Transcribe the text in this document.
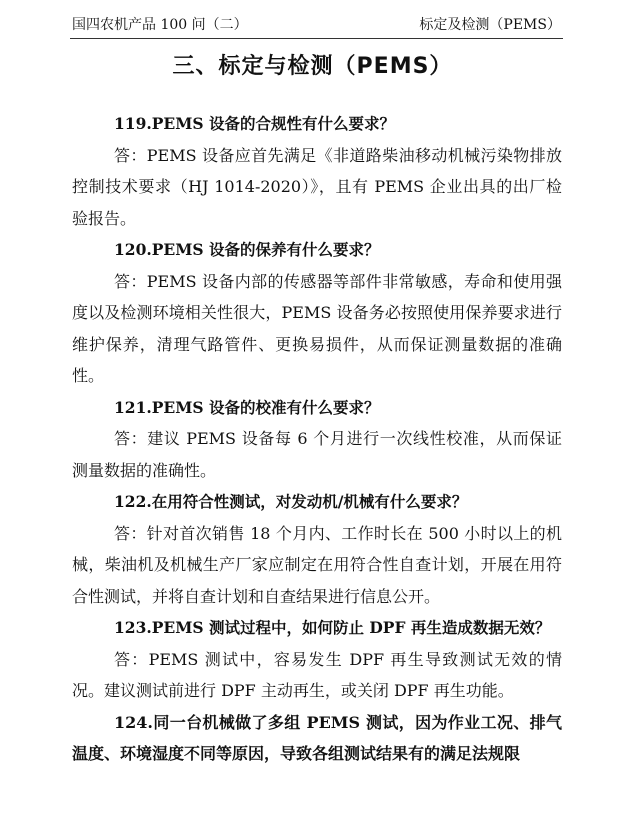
国四农机产品 100 问（二）	标定及检测（PEMS）
三、标定与检测（PEMS）

119.PEMS 设备的合规性有什么要求？

答：PEMS 设备应首先满足《非道路柴油移动机械污染物排放控制技术要求（HJ 1014-2020）》，且有 PEMS 企业出具的出厂检验报告。

120.PEMS 设备的保养有什么要求？

答：PEMS 设备内部的传感器等部件非常敏感，寿命和使用强度以及检测环境相关性很大，PEMS 设备务必按照使用保养要求进行维护保养，清理气路管件、更换易损件，从而保证测量数据的准确性。

121.PEMS 设备的校准有什么要求？

答：建议 PEMS 设备每 6 个月进行一次线性校准，从而保证测量数据的准确性。

122.在用符合性测试，对发动机/机械有什么要求？

答：针对首次销售 18 个月内、工作时长在 500 小时以上的机械，柴油机及机械生产厂家应制定在用符合性自查计划，开展在用符合性测试，并将自查计划和自查结果进行信息公开。

123.PEMS 测试过程中，如何防止 DPF 再生造成数据无效？

答：PEMS 测试中，容易发生 DPF 再生导致测试无效的情况。建议测试前进行 DPF 主动再生，或关闭 DPF 再生功能。

124.同一台机械做了多组 PEMS 测试，因为作业工况、排气温度、环境湿度不同等原因，导致各组测试结果有的满足法规限
